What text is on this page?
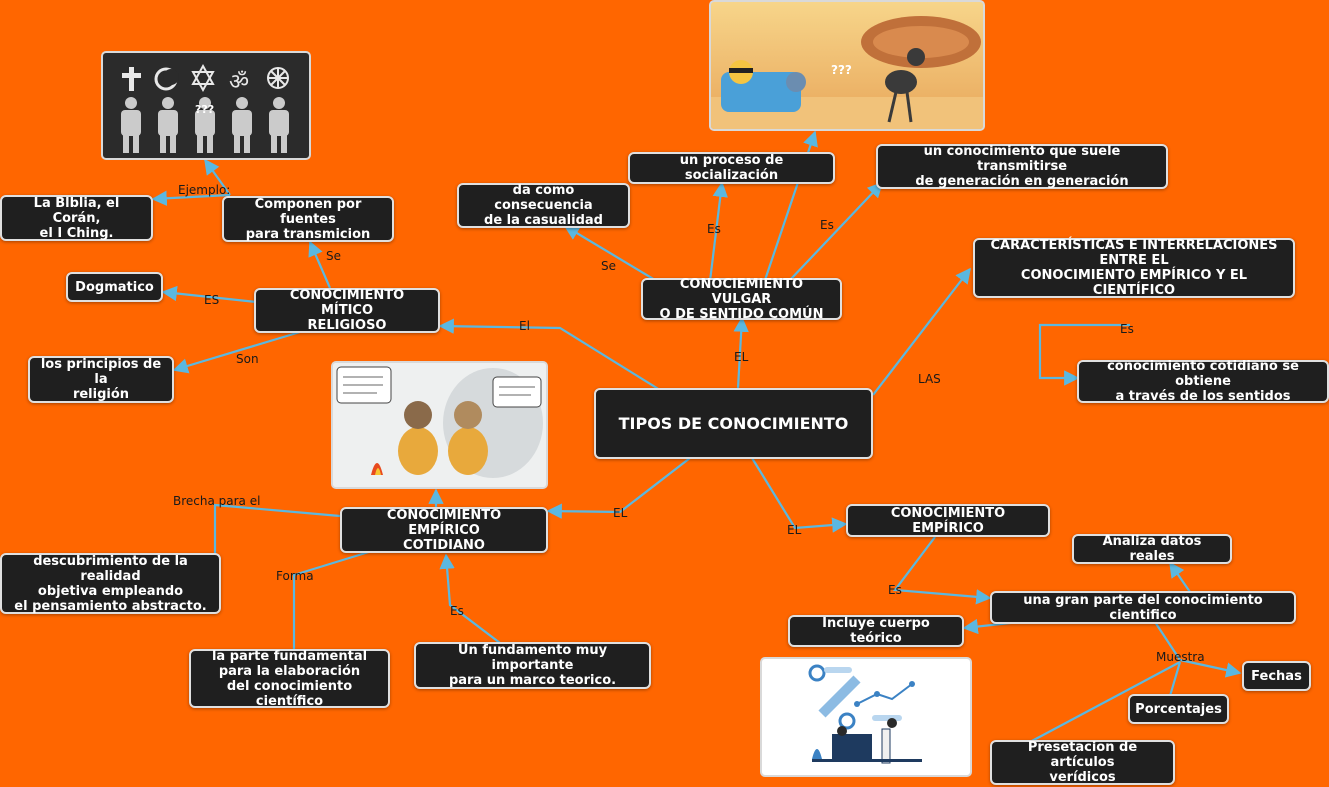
ॐ
???
???
TIPOS DE CONOCIMIENTO
CONOCIMIENTO MÍTICO
RELIGIOSO
La Blblia, el Corán,
el I Ching.
Componen por fuentes
para transmicion
Dogmatico
los principios de la
religión
CONOCIEMIENTO VULGAR
O DE SENTIDO COMÚN
da como consecuencia
de la casualidad
un proceso de socialización
un conocimiento que suele transmitirse
de generación en generación
CARACTERÍSTICAS E INTERRELACIONES
ENTRE EL
CONOCIMIENTO EMPÍRICO Y EL CIENTÍFICO
conocimiento cotidiano se obtiene
a través de los sentidos
CONOCIMIENTO EMPÍRICO
COTIDIANO
descubrimiento de la realidad
objetiva empleando
el pensamiento abstracto.
la parte fundamental
para la elaboración
del conocimiento científico
Un fundamento muy importante
para un marco teorico.
CONOCIMIENTO EMPÍRICO
una gran parte del conocimiento cientifico
Analiza datos reales
Incluye cuerpo teórico
Fechas
Porcentajes
Presetacion de artículos
verídicos
Ejemplo:
Se
ES
Son
El
Se
Es	Es
EL
LAS
Es
EL
Brecha para el
Forma
Es
EL
Es
Muestra
